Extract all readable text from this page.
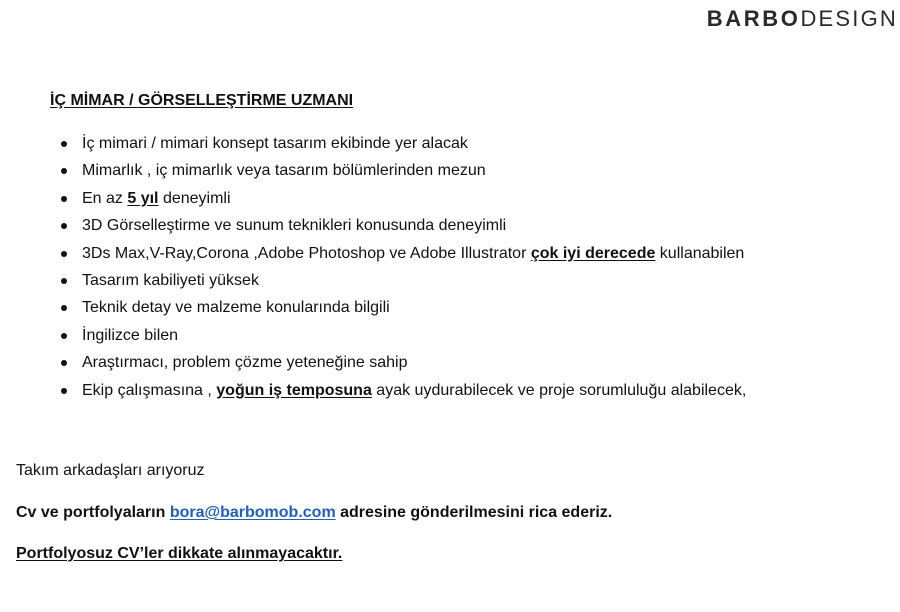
BARBODESIGN
İÇ MİMAR / GÖRSELLEŞTİRME UZMANI
İç mimari / mimari konsept tasarım ekibinde yer alacak
Mimarlık , iç mimarlık veya tasarım bölümlerinden mezun
En az 5 yıl deneyimli
3D Görselleştirme ve sunum teknikleri konusunda deneyimli
3Ds Max,V-Ray,Corona ,Adobe Photoshop ve Adobe Illustrator çok iyi derecede kullanabilen
Tasarım kabiliyeti yüksek
Teknik detay ve malzeme konularında bilgili
İngilizce bilen
Araştırmacı, problem çözme yeteneğine sahip
Ekip çalışmasına , yoğun iş temposuna ayak uydurabilecek ve proje sorumluluğu alabilecek,
Takım arkadaşları arıyoruz
Cv ve portfolyaların bora@barbomob.com adresine gönderilmesini rica ederiz.
Portfolyosuz CV’ler dikkate alınmayacaktır.
